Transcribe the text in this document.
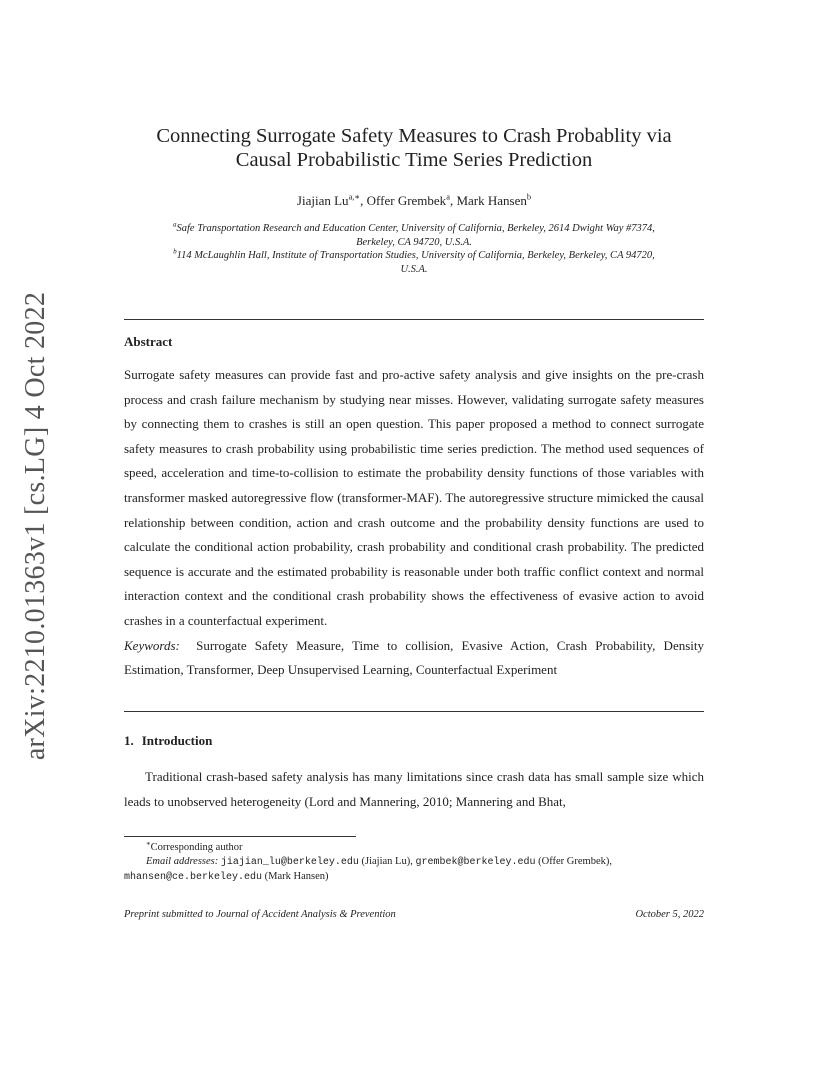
arXiv:2210.01363v1 [cs.LG] 4 Oct 2022
Connecting Surrogate Safety Measures to Crash Probablity via
Causal Probabilistic Time Series Prediction
Jiajian $Lu^{a,∗}$, Offer Grembek$^a$, Mark Hansen$^b$
$^a$Safe Transportation Research and Education Center, University of California, Berkeley, 2614 Dwight Way #7374,
Berkeley, CA 94720, U.S.A.
$^b$114 McLaughlin Hall, Institute of Transportation Studies, University of California, Berkeley, Berkeley, CA 94720,
U.S.A.
Abstract

Surrogate safety measures can provide fast and pro-active safety analysis and give insights on the pre-crash process and crash failure mechanism by studying near misses. However, validating surrogate safety measures by connecting them to crashes is still an open question. This paper proposed a method to connect surrogate safety measures to crash probability using probabilistic time series prediction. The method used sequences of speed, acceleration and time-to-collision to estimate the probability density functions of those variables with transformer masked autoregressive flow (transformer-MAF). The autoregressive structure mimicked the causal relationship between condition, action and crash outcome and the probability density functions are used to calculate the conditional action probability, crash probability and conditional crash probability. The predicted sequence is accurate and the estimated probability is reasonable under both traffic conflict context and normal interaction context and the conditional crash probability shows the effectiveness of evasive action to avoid crashes in a counterfactual experiment.

Keywords: Surrogate Safety Measure, Time to collision, Evasive Action, Crash Probability, Density Estimation, Transformer, Deep Unsupervised Learning, Counterfactual Experiment

1. Introduction
Traditional crash-based safety analysis has many limitations since crash data has small sample size which leads to unobserved heterogeneity (Lord and Mannering, 2010; Mannering and Bhat,
∗Corresponding author
Email addresses: jiajian_lu@berkeley.edu (Jiajian Lu), grembek@berkeley.edu (Offer Grembek),
mhansen@ce.berkeley.edu (Mark Hansen)
Preprint submitted to Journal of Accident Analysis & Prevention	October 5, 2022
